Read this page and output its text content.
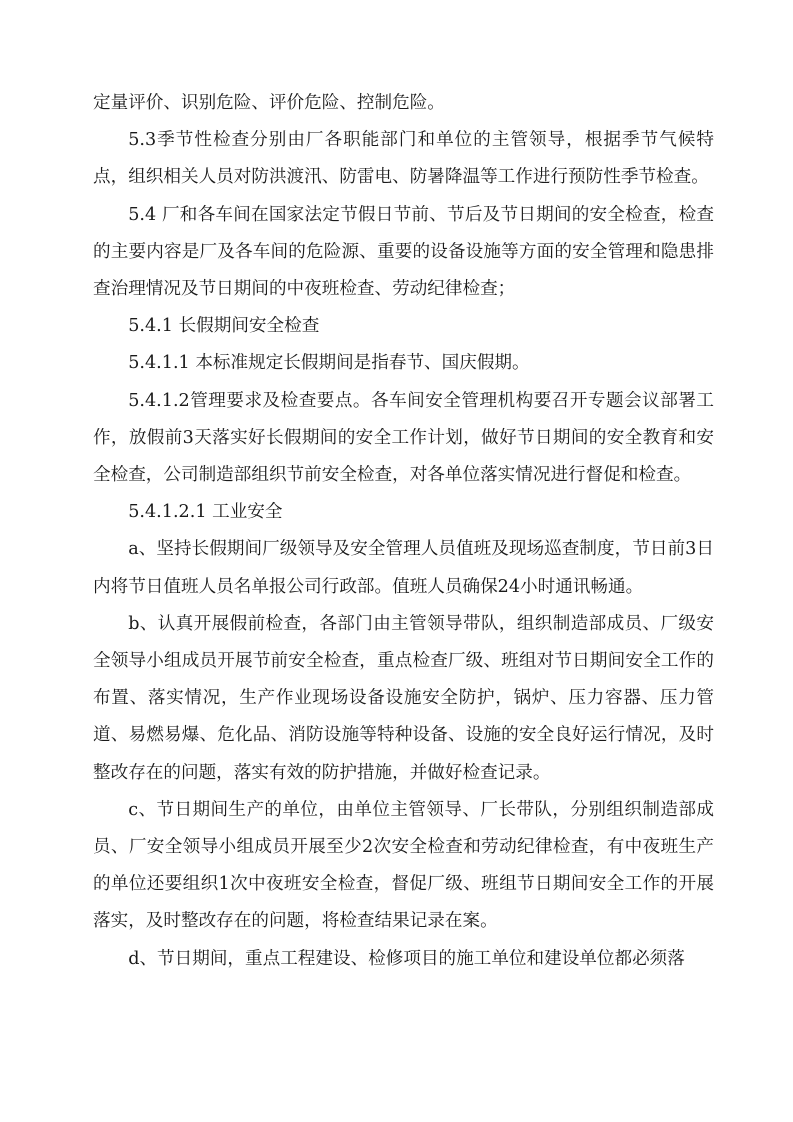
定量评价、识别危险、评价危险、控制危险。

5.3季节性检查分别由厂各职能部门和单位的主管领导，根据季节气候特点，组织相关人员对防洪渡汛、防雷电、防暑降温等工作进行预防性季节检查。

5.4 厂和各车间在国家法定节假日节前、节后及节日期间的安全检查，检查的主要内容是厂及各车间的危险源、重要的设备设施等方面的安全管理和隐患排查治理情况及节日期间的中夜班检查、劳动纪律检查；

5.4.1 长假期间安全检查

5.4.1.1 本标准规定长假期间是指春节、国庆假期。

5.4.1.2管理要求及检查要点。各车间安全管理机构要召开专题会议部署工作，放假前3天落实好长假期间的安全工作计划，做好节日期间的安全教育和安全检查，公司制造部组织节前安全检查，对各单位落实情况进行督促和检查。

5.4.1.2.1 工业安全

a、坚持长假期间厂级领导及安全管理人员值班及现场巡查制度，节日前3日内将节日值班人员名单报公司行政部。值班人员确保24小时通讯畅通。

b、认真开展假前检查，各部门由主管领导带队，组织制造部成员、厂级安全领导小组成员开展节前安全检查，重点检查厂级、班组对节日期间安全工作的布置、落实情况，生产作业现场设备设施安全防护，锅炉、压力容器、压力管道、易燃易爆、危化品、消防设施等特种设备、设施的安全良好运行情况，及时整改存在的问题，落实有效的防护措施，并做好检查记录。

c、节日期间生产的单位，由单位主管领导、厂长带队，分别组织制造部成员、厂安全领导小组成员开展至少2次安全检查和劳动纪律检查，有中夜班生产的单位还要组织1次中夜班安全检查，督促厂级、班组节日期间安全工作的开展落实，及时整改存在的问题，将检查结果记录在案。

d、节日期间，重点工程建设、检修项目的施工单位和建设单位都必须落
